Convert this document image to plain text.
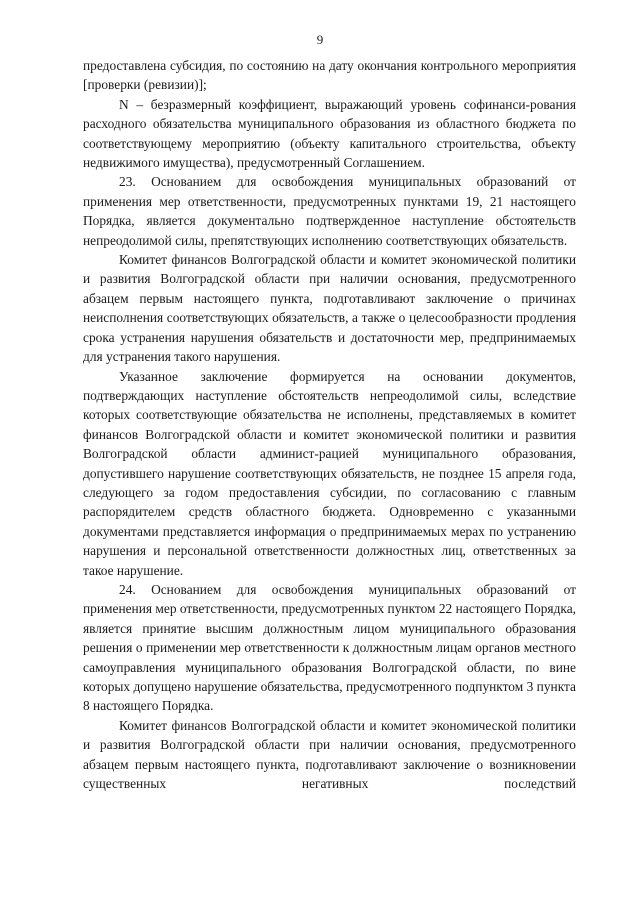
9

предоставлена субсидия, по состоянию на дату окончания контрольного мероприятия [проверки (ревизии)];

N – безразмерный коэффициент, выражающий уровень софинанси-рования расходного обязательства муниципального образования из областного бюджета по соответствующему мероприятию (объекту капитального строительства, объекту недвижимого имущества), предусмотренный Соглашением.

23. Основанием для освобождения муниципальных образований от применения мер ответственности, предусмотренных пунктами 19, 21 настоящего Порядка, является документально подтвержденное наступление обстоятельств непреодолимой силы, препятствующих исполнению соответствующих обязательств.

Комитет финансов Волгоградской области и комитет экономической политики и развития Волгоградской области при наличии основания, предусмотренного абзацем первым настоящего пункта, подготавливают заключение о причинах неисполнения соответствующих обязательств, а также о целесообразности продления срока устранения нарушения обязательств и достаточности мер, предпринимаемых для устранения такого нарушения.

Указанное заключение формируется на основании документов, подтверждающих наступление обстоятельств непреодолимой силы, вследствие которых соответствующие обязательства не исполнены, представляемых в комитет финансов Волгоградской области и комитет экономической политики и развития Волгоградской области админист-рацией муниципального образования, допустившего нарушение соответствующих обязательств, не позднее 15 апреля года, следующего за годом предоставления субсидии, по согласованию с главным распорядителем средств областного бюджета. Одновременно с указанными документами представляется информация о предпринимаемых мерах по устранению нарушения и персональной ответственности должностных лиц, ответственных за такое нарушение.

24. Основанием для освобождения муниципальных образований от применения мер ответственности, предусмотренных пунктом 22 настоящего Порядка, является принятие высшим должностным лицом муниципального образования решения о применении мер ответственности к должностным лицам органов местного самоуправления муниципального образования Волгоградской области, по вине которых допущено нарушение обязательства, предусмотренного подпунктом 3 пункта 8 настоящего Порядка.

Комитет финансов Волгоградской области и комитет экономической политики и развития Волгоградской области при наличии основания, предусмотренного абзацем первым настоящего пункта, подготавливают заключение о возникновении существенных негативных последствий
